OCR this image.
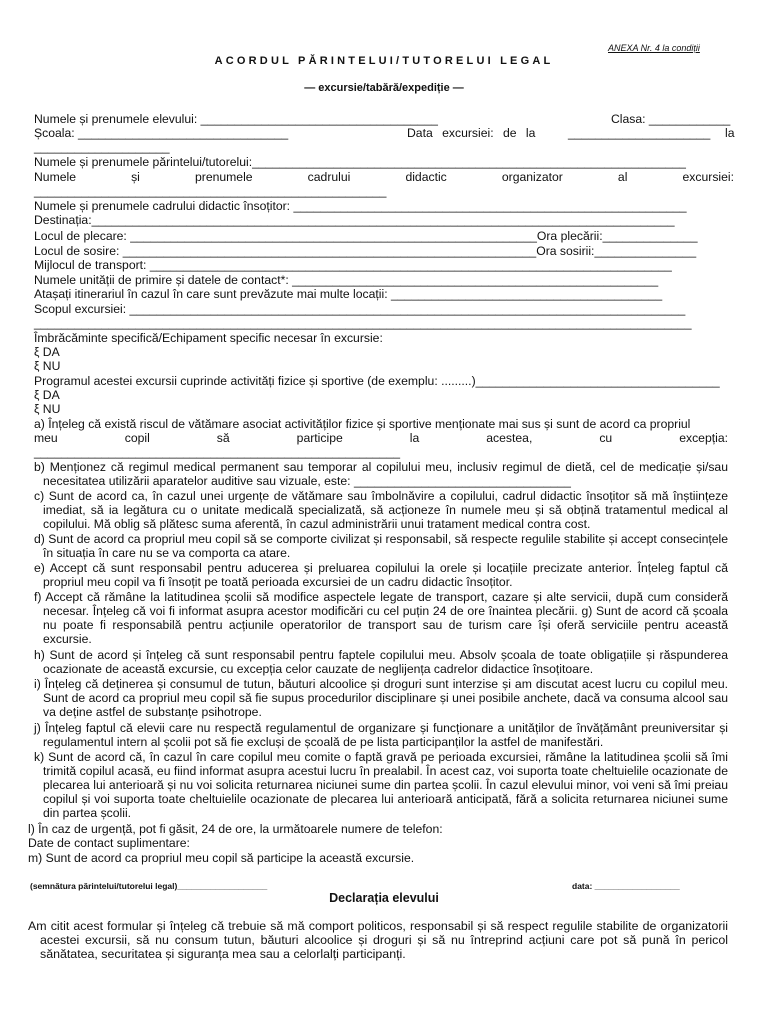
ANEXA Nr. 4 la condiții
ACORDUL PĂRINTELUI/TUTORELUI LEGAL
— excursie/tabără/expediție —
Numele și prenumele elevului: ___________________________________	Clasa: ____________
Școala: _______________________________	Data excursiei: de la	_____________________ la
____________________
Numele și prenumele părintelui/tutorelui:________________________________________________________________
Numele și prenumele cadrului didactic organizator al excursiei:
____________________________________________________
Numele și prenumele cadrului didactic însoțitor: __________________________________________________________
Destinația:______________________________________________________________________________________
Locul de plecare: ____________________________________________________________Ora plecării:______________
Locul de sosire: _____________________________________________________________Ora sosirii:_______________
Mijlocul de transport: _____________________________________________________________________________
Numele unității de primire și datele de contact*: ______________________________________________________
Atașați itinerariul în cazul în care sunt prevăzute mai multe locații: ________________________________________
Scopul excursiei: __________________________________________________________________________________
_________________________________________________________________________________________________
Îmbrăcăminte specifică/Echipament specific necesar în excursie:
ξ DA
ξ NU
Programul acestei excursii cuprinde activități fizice și sportive (de exemplu: .........)____________________________________
ξ DA
ξ NU
a) Înțeleg că există riscul de vătămare asociat activităților fizice și sportive menționate mai sus și sunt de acord ca propriul
meu copil să participe la acestea, cu excepția:
______________________________________________________
b) Menționez că regimul medical permanent sau temporar al copilului meu, inclusiv regimul de dietă, cel de medicație și/sau necesitatea utilizării aparatelor auditive sau vizuale, este: ________________________________
c) Sunt de acord ca, în cazul unei urgențe de vătămare sau îmbolnăvire a copilului, cadrul didactic însoțitor să mă înștiințeze imediat, să ia legătura cu o unitate medicală specializată, să acționeze în numele meu și să obțină tratamentul medical al copilului. Mă oblig să plătesc suma aferentă, în cazul administrării unui tratament medical contra cost.
d) Sunt de acord ca propriul meu copil să se comporte civilizat și responsabil, să respecte regulile stabilite și accept consecințele în situația în care nu se va comporta ca atare.
e) Accept că sunt responsabil pentru aducerea și preluarea copilului la orele și locațiile precizate anterior. Înțeleg faptul că propriul meu copil va fi însoțit pe toată perioada excursiei de un cadru didactic însoțitor.
f) Accept că rămâne la latitudinea școlii să modifice aspectele legate de transport, cazare și alte servicii, după cum consideră necesar. Înțeleg că voi fi informat asupra acestor modificări cu cel puțin 24 de ore înaintea plecării. g) Sunt de acord că școala nu poate fi responsabilă pentru acțiunile operatorilor de transport sau de turism care își oferă serviciile pentru această excursie.
h) Sunt de acord și înțeleg că sunt responsabil pentru faptele copilului meu. Absolv școala de toate obligațiile și răspunderea ocazionate de această excursie, cu excepția celor cauzate de neglijența cadrelor didactice însoțitoare.
i) Înțeleg că deținerea și consumul de tutun, băuturi alcoolice și droguri sunt interzise și am discutat acest lucru cu copilul meu. Sunt de acord ca propriul meu copil să fie supus procedurilor disciplinare și unei posibile anchete, dacă va consuma alcool sau va deține astfel de substanțe psihotrope.
j) Înțeleg faptul că elevii care nu respectă regulamentul de organizare și funcționare a unităților de învățământ preuniversitar și regulamentul intern al școlii pot să fie excluși de școală de pe lista participanților la astfel de manifestări.
k) Sunt de acord că, în cazul în care copilul meu comite o faptă gravă pe perioada excursiei, rămâne la latitudinea școlii să îmi trimită copilul acasă, eu fiind informat asupra acestui lucru în prealabil. În acest caz, voi suporta toate cheltuielile ocazionate de plecarea lui anterioară și nu voi solicita returnarea niciunei sume din partea școlii. În cazul elevului minor, voi veni să îmi preiau copilul și voi suporta toate cheltuielile ocazionate de plecarea lui anterioară anticipată, fără a solicita returnarea niciunei sume din partea școlii.
l) În caz de urgență, pot fi găsit, 24 de ore, la următoarele numere de telefon:
Date de contact suplimentare:
m) Sunt de acord ca propriul meu copil să participe la această excursie.
(semnătura părintelui/tutorelui legal)___________________	data: __________________
Declarația elevului
Am citit acest formular și înțeleg că trebuie să mă comport politicos, responsabil și să respect regulile stabilite de organizatorii acestei excursii, să nu consum tutun, băuturi alcoolice și droguri și să nu întreprind acțiuni care pot să pună în pericol sănătatea, securitatea și siguranța mea sau a celorlalți participanți.
